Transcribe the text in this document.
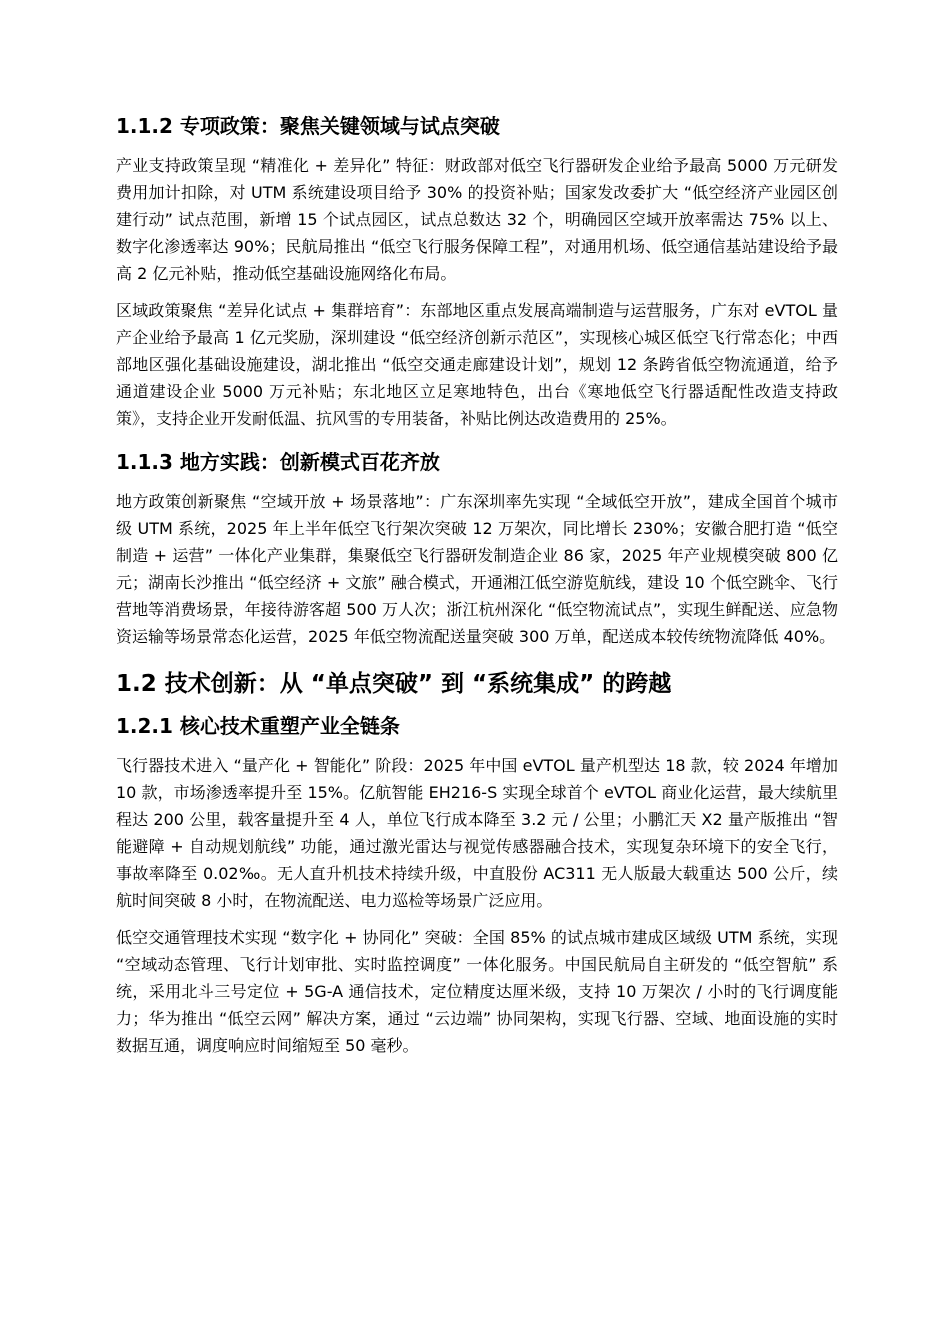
1.1.2 专项政策：聚焦关键领域与试点突破

产业支持政策呈现 “精准化 + 差异化” 特征：财政部对低空飞行器研发企业给予最高 5000 万元研发费用加计扣除，对 UTM 系统建设项目给予 30% 的投资补贴；国家发改委扩大 “低空经济产业园区创建行动” 试点范围，新增 15 个试点园区，试点总数达 32 个，明确园区空域开放率需达 75% 以上、数字化渗透率达 90%；民航局推出 “低空飞行服务保障工程”，对通用机场、低空通信基站建设给予最高 2 亿元补贴，推动低空基础设施网络化布局。

区域政策聚焦 “差异化试点 + 集群培育”：东部地区重点发展高端制造与运营服务，广东对 eVTOL 量产企业给予最高 1 亿元奖励，深圳建设 “低空经济创新示范区”，实现核心城区低空飞行常态化；中西部地区强化基础设施建设，湖北推出 “低空交通走廊建设计划”，规划 12 条跨省低空物流通道，给予通道建设企业 5000 万元补贴；东北地区立足寒地特色，出台《寒地低空飞行器适配性改造支持政策》，支持企业开发耐低温、抗风雪的专用装备，补贴比例达改造费用的 25%。

1.1.3 地方实践：创新模式百花齐放

地方政策创新聚焦 “空域开放 + 场景落地”：广东深圳率先实现 “全域低空开放”，建成全国首个城市级 UTM 系统，2025 年上半年低空飞行架次突破 12 万架次，同比增长 230%；安徽合肥打造 “低空制造 + 运营” 一体化产业集群，集聚低空飞行器研发制造企业 86 家，2025 年产业规模突破 800 亿元；湖南长沙推出 “低空经济 + 文旅” 融合模式，开通湘江低空游览航线，建设 10 个低空跳伞、飞行营地等消费场景，年接待游客超 500 万人次；浙江杭州深化 “低空物流试点”，实现生鲜配送、应急物资运输等场景常态化运营，2025 年低空物流配送量突破 300 万单，配送成本较传统物流降低 40%。

1.2 技术创新：从 “单点突破” 到 “系统集成” 的跨越
1.2.1 核心技术重塑产业全链条

飞行器技术进入 “量产化 + 智能化” 阶段：2025 年中国 eVTOL 量产机型达 18 款，较 2024 年增加 10 款，市场渗透率提升至 15%。亿航智能 EH216-S 实现全球首个 eVTOL 商业化运营，最大续航里程达 200 公里，载客量提升至 4 人，单位飞行成本降至 3.2 元 / 公里；小鹏汇天 X2 量产版推出 “智能避障 + 自动规划航线” 功能，通过激光雷达与视觉传感器融合技术，实现复杂环境下的安全飞行，事故率降至 0.02‰。无人直升机技术持续升级，中直股份 AC311 无人版最大载重达 500 公斤，续航时间突破 8 小时，在物流配送、电力巡检等场景广泛应用。

低空交通管理技术实现 “数字化 + 协同化” 突破：全国 85% 的试点城市建成区域级 UTM 系统，实现 “空域动态管理、飞行计划审批、实时监控调度” 一体化服务。中国民航局自主研发的 “低空智航” 系统，采用北斗三号定位 + 5G-A 通信技术，定位精度达厘米级，支持 10 万架次 / 小时的飞行调度能力；华为推出 “低空云网” 解决方案，通过 “云边端” 协同架构，实现飞行器、空域、地面设施的实时数据互通，调度响应时间缩短至 50 毫秒。
